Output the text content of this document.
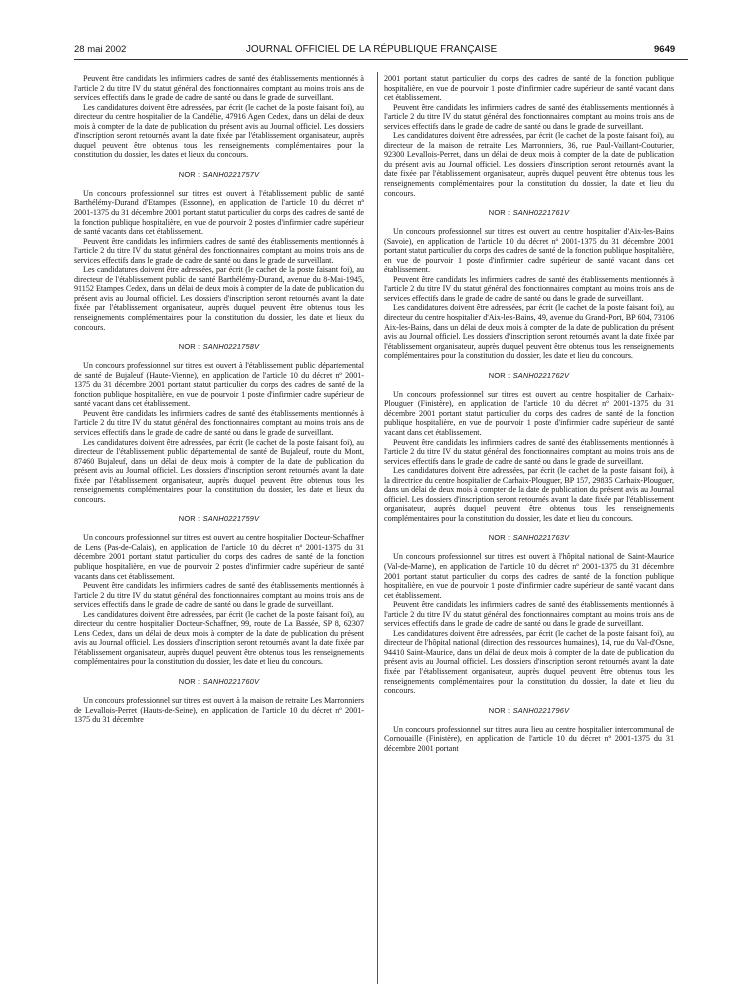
28 mai 2002	JOURNAL OFFICIEL DE LA RÉPUBLIQUE FRANÇAISE	9649

Peuvent être candidats les infirmiers cadres de santé des établissements mentionnés à l'article 2 du titre IV du statut général des fonctionnaires comptant au moins trois ans de services effectifs dans le grade de cadre de santé ou dans le grade de surveillant.

Les candidatures doivent être adressées, par écrit (le cachet de la poste faisant foi), au directeur du centre hospitalier de la Candélie, 47916 Agen Cedex, dans un délai de deux mois à compter de la date de publication du présent avis au Journal officiel. Les dossiers d'inscription seront retournés avant la date fixée par l'établissement organisateur, auprès duquel peuvent être obtenus tous les renseignements complémentaires pour la constitution du dossier, les dates et lieux du concours.

NOR : SANH0221757V

Un concours professionnel sur titres est ouvert à l'établissement public de santé Barthélémy-Durand d'Etampes (Essonne), en application de l'article 10 du décret nº 2001-1375 du 31 décembre 2001 portant statut particulier du corps des cadres de santé de la fonction publique hospitalière, en vue de pourvoir 2 postes d'infirmier cadre supérieur de santé vacants dans cet établissement.

Peuvent être candidats les infirmiers cadres de santé des établissements mentionnés à l'article 2 du titre IV du statut général des fonctionnaires comptant au moins trois ans de services effectifs dans le grade de cadre de santé ou dans le grade de surveillant.

Les candidatures doivent être adressées, par écrit (le cachet de la poste faisant foi), au directeur de l'établissement public de santé Barthélémy-Durand, avenue du 8-Mai-1945, 91152 Etampes Cedex, dans un délai de deux mois à compter de la date de publication du présent avis au Journal officiel. Les dossiers d'inscription seront retournés avant la date fixée par l'établissement organisateur, auprès duquel peuvent être obtenus tous les renseignements complémentaires pour la constitution du dossier, les date et lieux du concours.

NOR : SANH0221758V

Un concours professionnel sur titres est ouvert à l'établissement public départemental de santé de Bujaleuf (Haute-Vienne), en application de l'article 10 du décret nº 2001-1375 du 31 décembre 2001 portant statut particulier du corps des cadres de santé de la fonction publique hospitalière, en vue de pourvoir 1 poste d'infirmier cadre supérieur de santé vacant dans cet établissement.

Peuvent être candidats les infirmiers cadres de santé des établissements mentionnés à l'article 2 du titre IV du statut général des fonctionnaires comptant au moins trois ans de services effectifs dans le grade de cadre de santé ou dans le grade de surveillant.

Les candidatures doivent être adressées, par écrit (le cachet de la poste faisant foi), au directeur de l'établissement public départemental de santé de Bujaleuf, route du Mont, 87460 Bujaleuf, dans un délai de deux mois à compter de la date de publication du présent avis au Journal officiel. Les dossiers d'inscription seront retournés avant la date fixée par l'établissement organisateur, auprès duquel peuvent être obtenus tous les renseignements complémentaires pour la constitution du dossier, les date et lieux du concours.

NOR : SANH0221759V

Un concours professionnel sur titres est ouvert au centre hospitalier Docteur-Schaffner de Lens (Pas-de-Calais), en application de l'article 10 du décret nº 2001-1375 du 31 décembre 2001 portant statut particulier du corps des cadres de santé de la fonction publique hospitalière, en vue de pourvoir 2 postes d'infirmier cadre supérieur de santé vacants dans cet établissement.

Peuvent être candidats les infirmiers cadres de santé des établissements mentionnés à l'article 2 du titre IV du statut général des fonctionnaires comptant au moins trois ans de services effectifs dans le grade de cadre de santé ou dans le grade de surveillant.

Les candidatures doivent être adressées, par écrit (le cachet de la poste faisant foi), au directeur du centre hospitalier Docteur-Schaffner, 99, route de La Bassée, SP 8, 62307 Lens Cedex, dans un délai de deux mois à compter de la date de publication du présent avis au Journal officiel. Les dossiers d'inscription seront retournés avant la date fixée par l'établissement organisateur, auprès duquel peuvent être obtenus tous les renseignements complémentaires pour la constitution du dossier, les date et lieu du concours.

NOR : SANH0221760V

Un concours professionnel sur titres est ouvert à la maison de retraite Les Marronniers de Levallois-Perret (Hauts-de-Seine), en application de l'article 10 du décret nº 2001-1375 du 31 décembre

2001 portant statut particulier du corps des cadres de santé de la fonction publique hospitalière, en vue de pourvoir 1 poste d'infirmier cadre supérieur de santé vacant dans cet établissement.

Peuvent être candidats les infirmiers cadres de santé des établissements mentionnés à l'article 2 du titre IV du statut général des fonctionnaires comptant au moins trois ans de services effectifs dans le grade de cadre de santé ou dans le grade de surveillant.

Les candidatures doivent être adressées, par écrit (le cachet de la poste faisant foi), au directeur de la maison de retraite Les Marronniers, 36, rue Paul-Vaillant-Couturier, 92300 Levallois-Perret, dans un délai de deux mois à compter de la date de publication du présent avis au Journal officiel. Les dossiers d'inscription seront retournés avant la date fixée par l'établissement organisateur, auprès duquel peuvent être obtenus tous les renseignements complémentaires pour la constitution du dossier, la date et lieu du concours.

NOR : SANH0221761V

Un concours professionnel sur titres est ouvert au centre hospitalier d'Aix-les-Bains (Savoie), en application de l'article 10 du décret nº 2001-1375 du 31 décembre 2001 portant statut particulier du corps des cadres de santé de la fonction publique hospitalière, en vue de pourvoir 1 poste d'infirmier cadre supérieur de santé vacant dans cet établissement.

Peuvent être candidats les infirmiers cadres de santé des établissements mentionnés à l'article 2 du titre IV du statut général des fonctionnaires comptant au moins trois ans de services effectifs dans le grade de cadre de santé ou dans le grade de surveillant.

Les candidatures doivent être adressées, par écrit (le cachet de la poste faisant foi), au directeur du centre hospitalier d'Aix-les-Bains, 49, avenue du Grand-Port, BP 604, 73106 Aix-les-Bains, dans un délai de deux mois à compter de la date de publication du présent avis au Journal officiel. Les dossiers d'inscription seront retournés avant la date fixée par l'établissement organisateur, auprès duquel peuvent être obtenus tous les renseignements complémentaires pour la constitution du dossier, les date et lieu du concours.

NOR : SANH0221762V

Un concours professionnel sur titres est ouvert au centre hospitalier de Carhaix-Plouguer (Finistère), en application de l'article 10 du décret nº 2001-1375 du 31 décembre 2001 portant statut particulier du corps des cadres de santé de la fonction publique hospitalière, en vue de pourvoir 1 poste d'infirmier cadre supérieur de santé vacant dans cet établissement.

Peuvent être candidats les infirmiers cadres de santé des établissements mentionnés à l'article 2 du titre IV du statut général des fonctionnaires comptant au moins trois ans de services effectifs dans le grade de cadre de santé ou dans le grade de surveillant.

Les candidatures doivent être adressées, par écrit (le cachet de la poste faisant foi), à la directrice du centre hospitalier de Carhaix-Plouguer, BP 157, 29835 Carhaix-Plouguer, dans un délai de deux mois à compter de la date de publication du présent avis au Journal officiel. Les dossiers d'inscription seront retournés avant la date fixée par l'établissement organisateur, auprès duquel peuvent être obtenus tous les renseignements complémentaires pour la constitution du dossier, les date et lieu du concours.

NOR : SANH0221763V

Un concours professionnel sur titres est ouvert à l'hôpital national de Saint-Maurice (Val-de-Marne), en application de l'article 10 du décret nº 2001-1375 du 31 décembre 2001 portant statut particulier du corps des cadres de santé de la fonction publique hospitalière, en vue de pourvoir 1 poste d'infirmier cadre supérieur de santé vacant dans cet établissement.

Peuvent être candidats les infirmiers cadres de santé des établissements mentionnés à l'article 2 du titre IV du statut général des fonctionnaires comptant au moins trois ans de services effectifs dans le grade de cadre de santé ou dans le grade de surveillant.

Les candidatures doivent être adressées, par écrit (le cachet de la poste faisant foi), au directeur de l'hôpital national (direction des ressources humaines), 14, rue du Val-d'Osne, 94410 Saint-Maurice, dans un délai de deux mois à compter de la date de publication du présent avis au Journal officiel. Les dossiers d'inscription seront retournés avant la date fixée par l'établissement organisateur, auprès duquel peuvent être obtenus tous les renseignements complémentaires pour la constitution du dossier, la date et lieu du concours.

NOR : SANH0221796V

Un concours professionnel sur titres aura lieu au centre hospitalier intercommunal de Cornouaille (Finistère), en application de l'article 10 du décret nº 2001-1375 du 31 décembre 2001 portant
